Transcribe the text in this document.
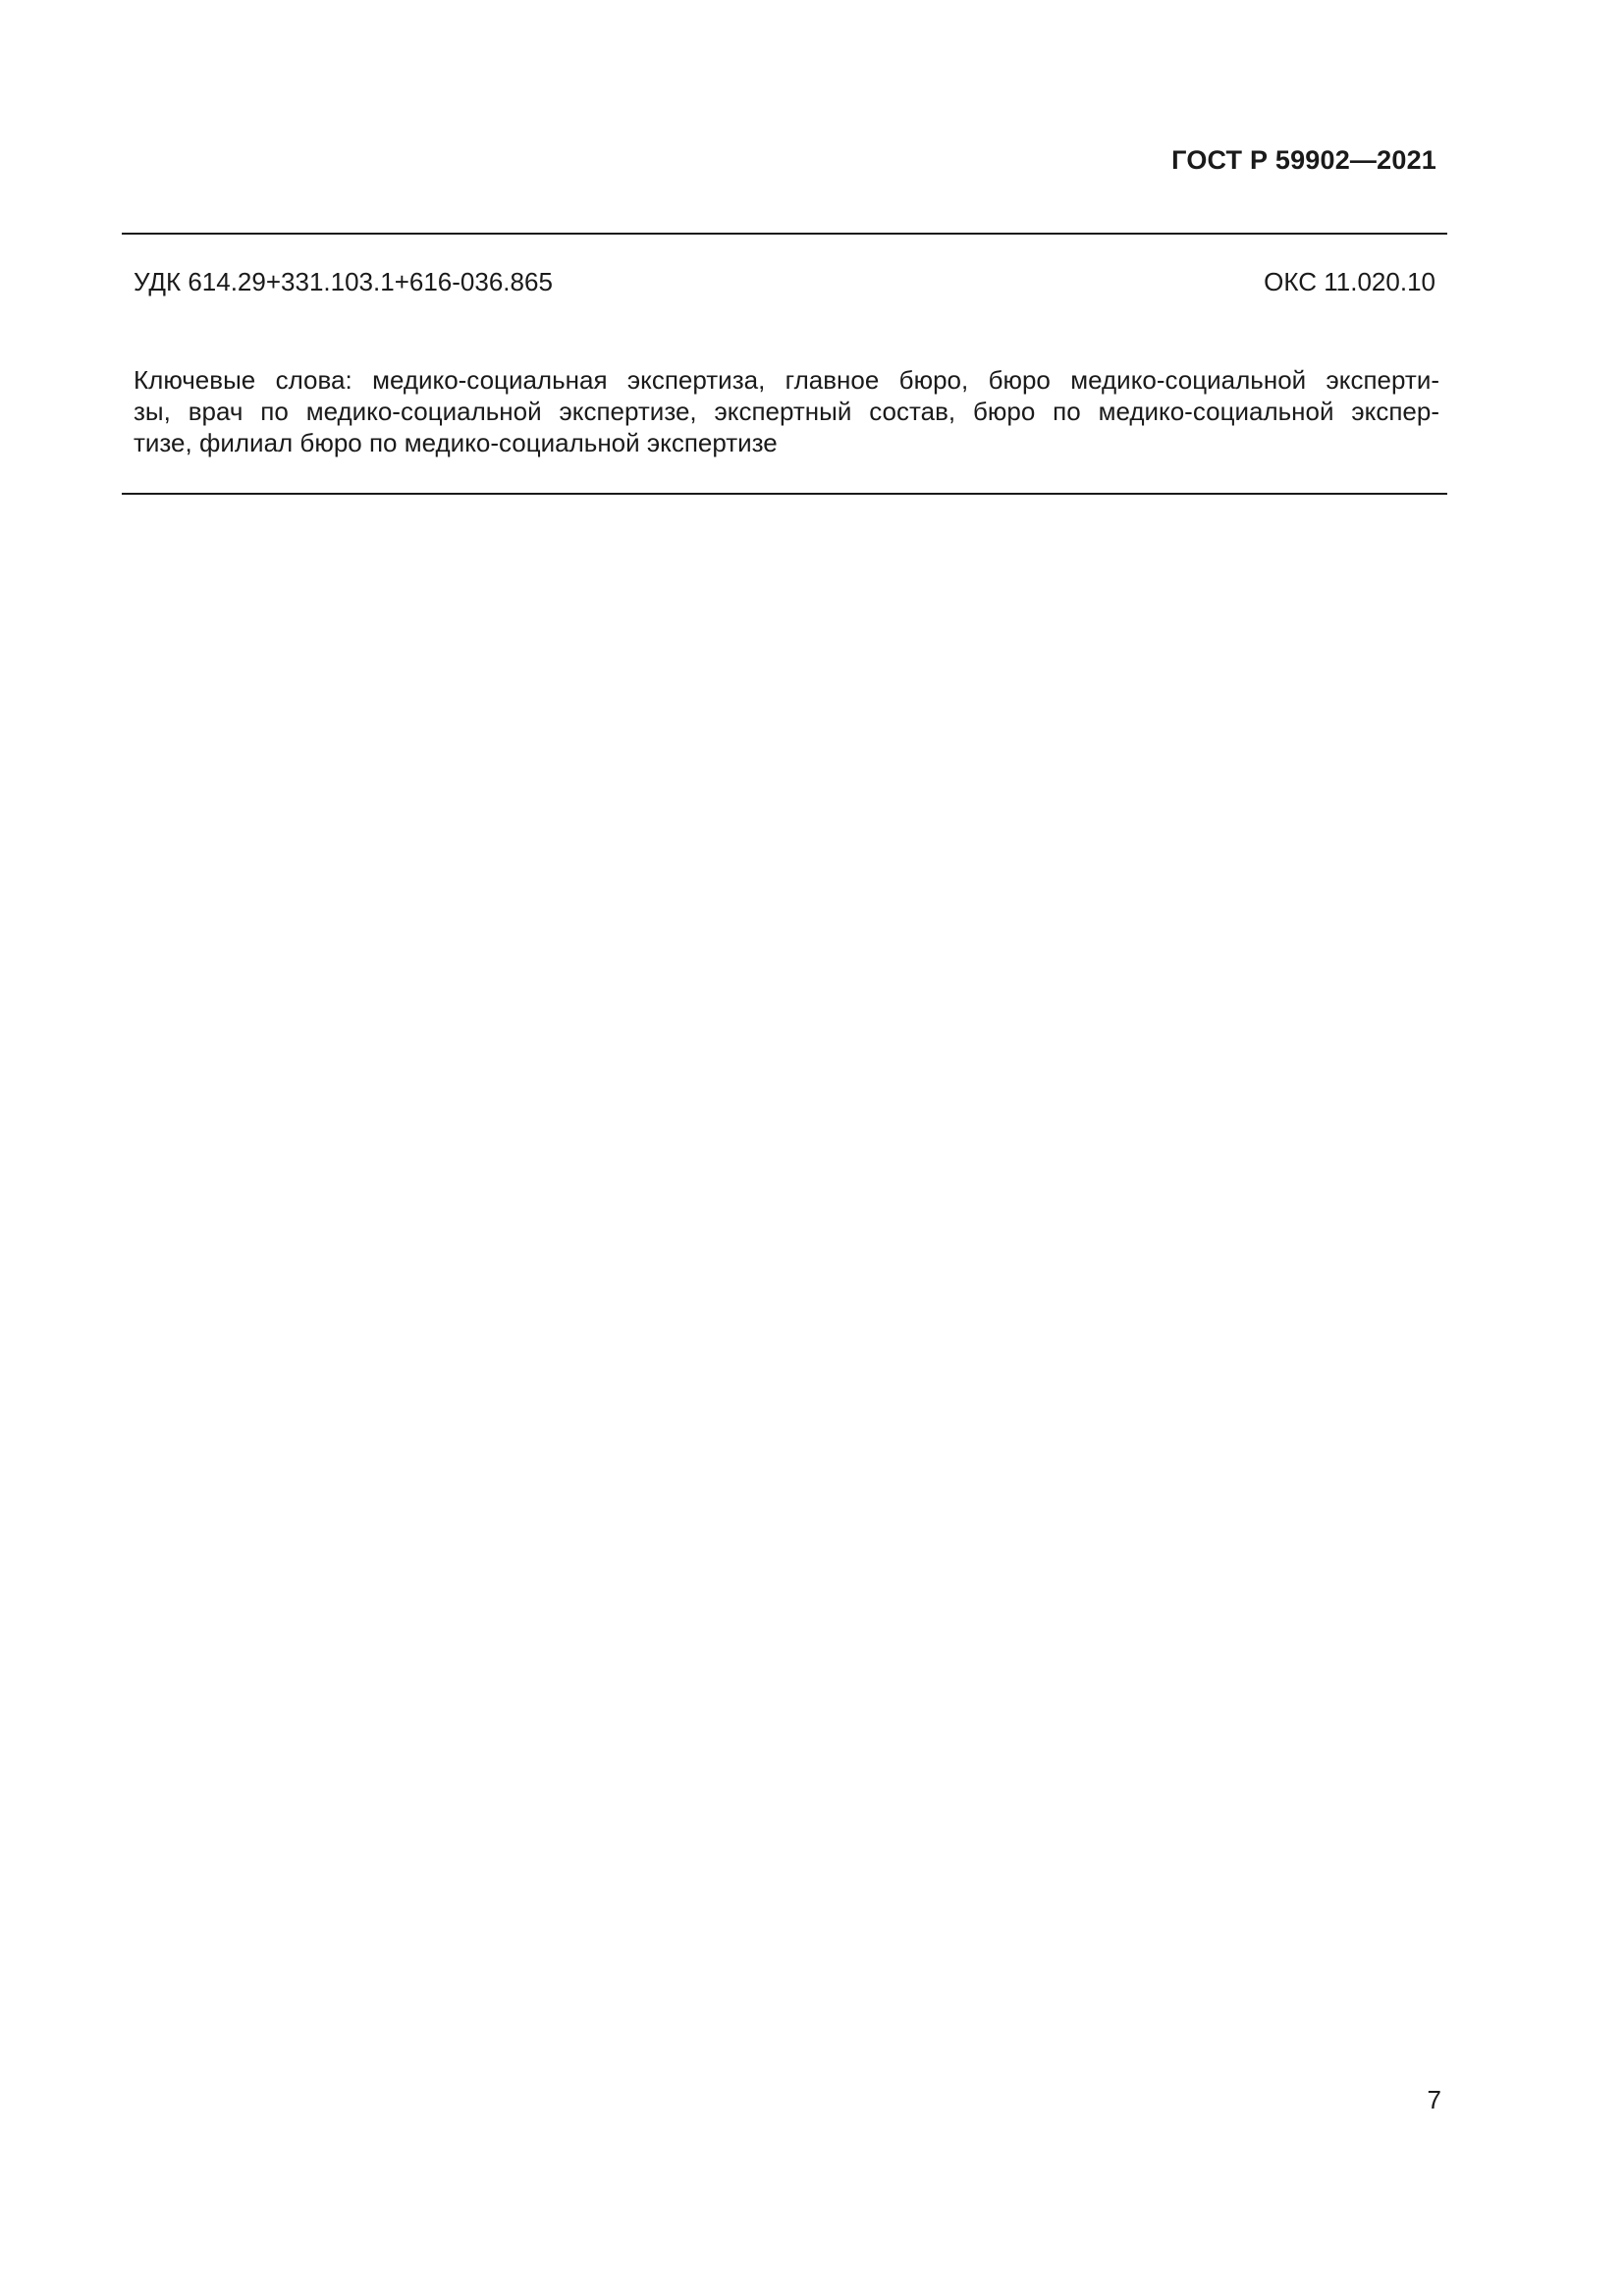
ГОСТ Р 59902—2021
УДК 614.29+331.103.1+616-036.865	ОКС 11.020.10
Ключевые слова: медико-социальная экспертиза, главное бюро, бюро медико-социальной эксперти-
зы, врач по медико-социальной экспертизе, экспертный состав, бюро по медико-социальной экспер-
тизе, филиал бюро по медико-социальной экспертизе
7
